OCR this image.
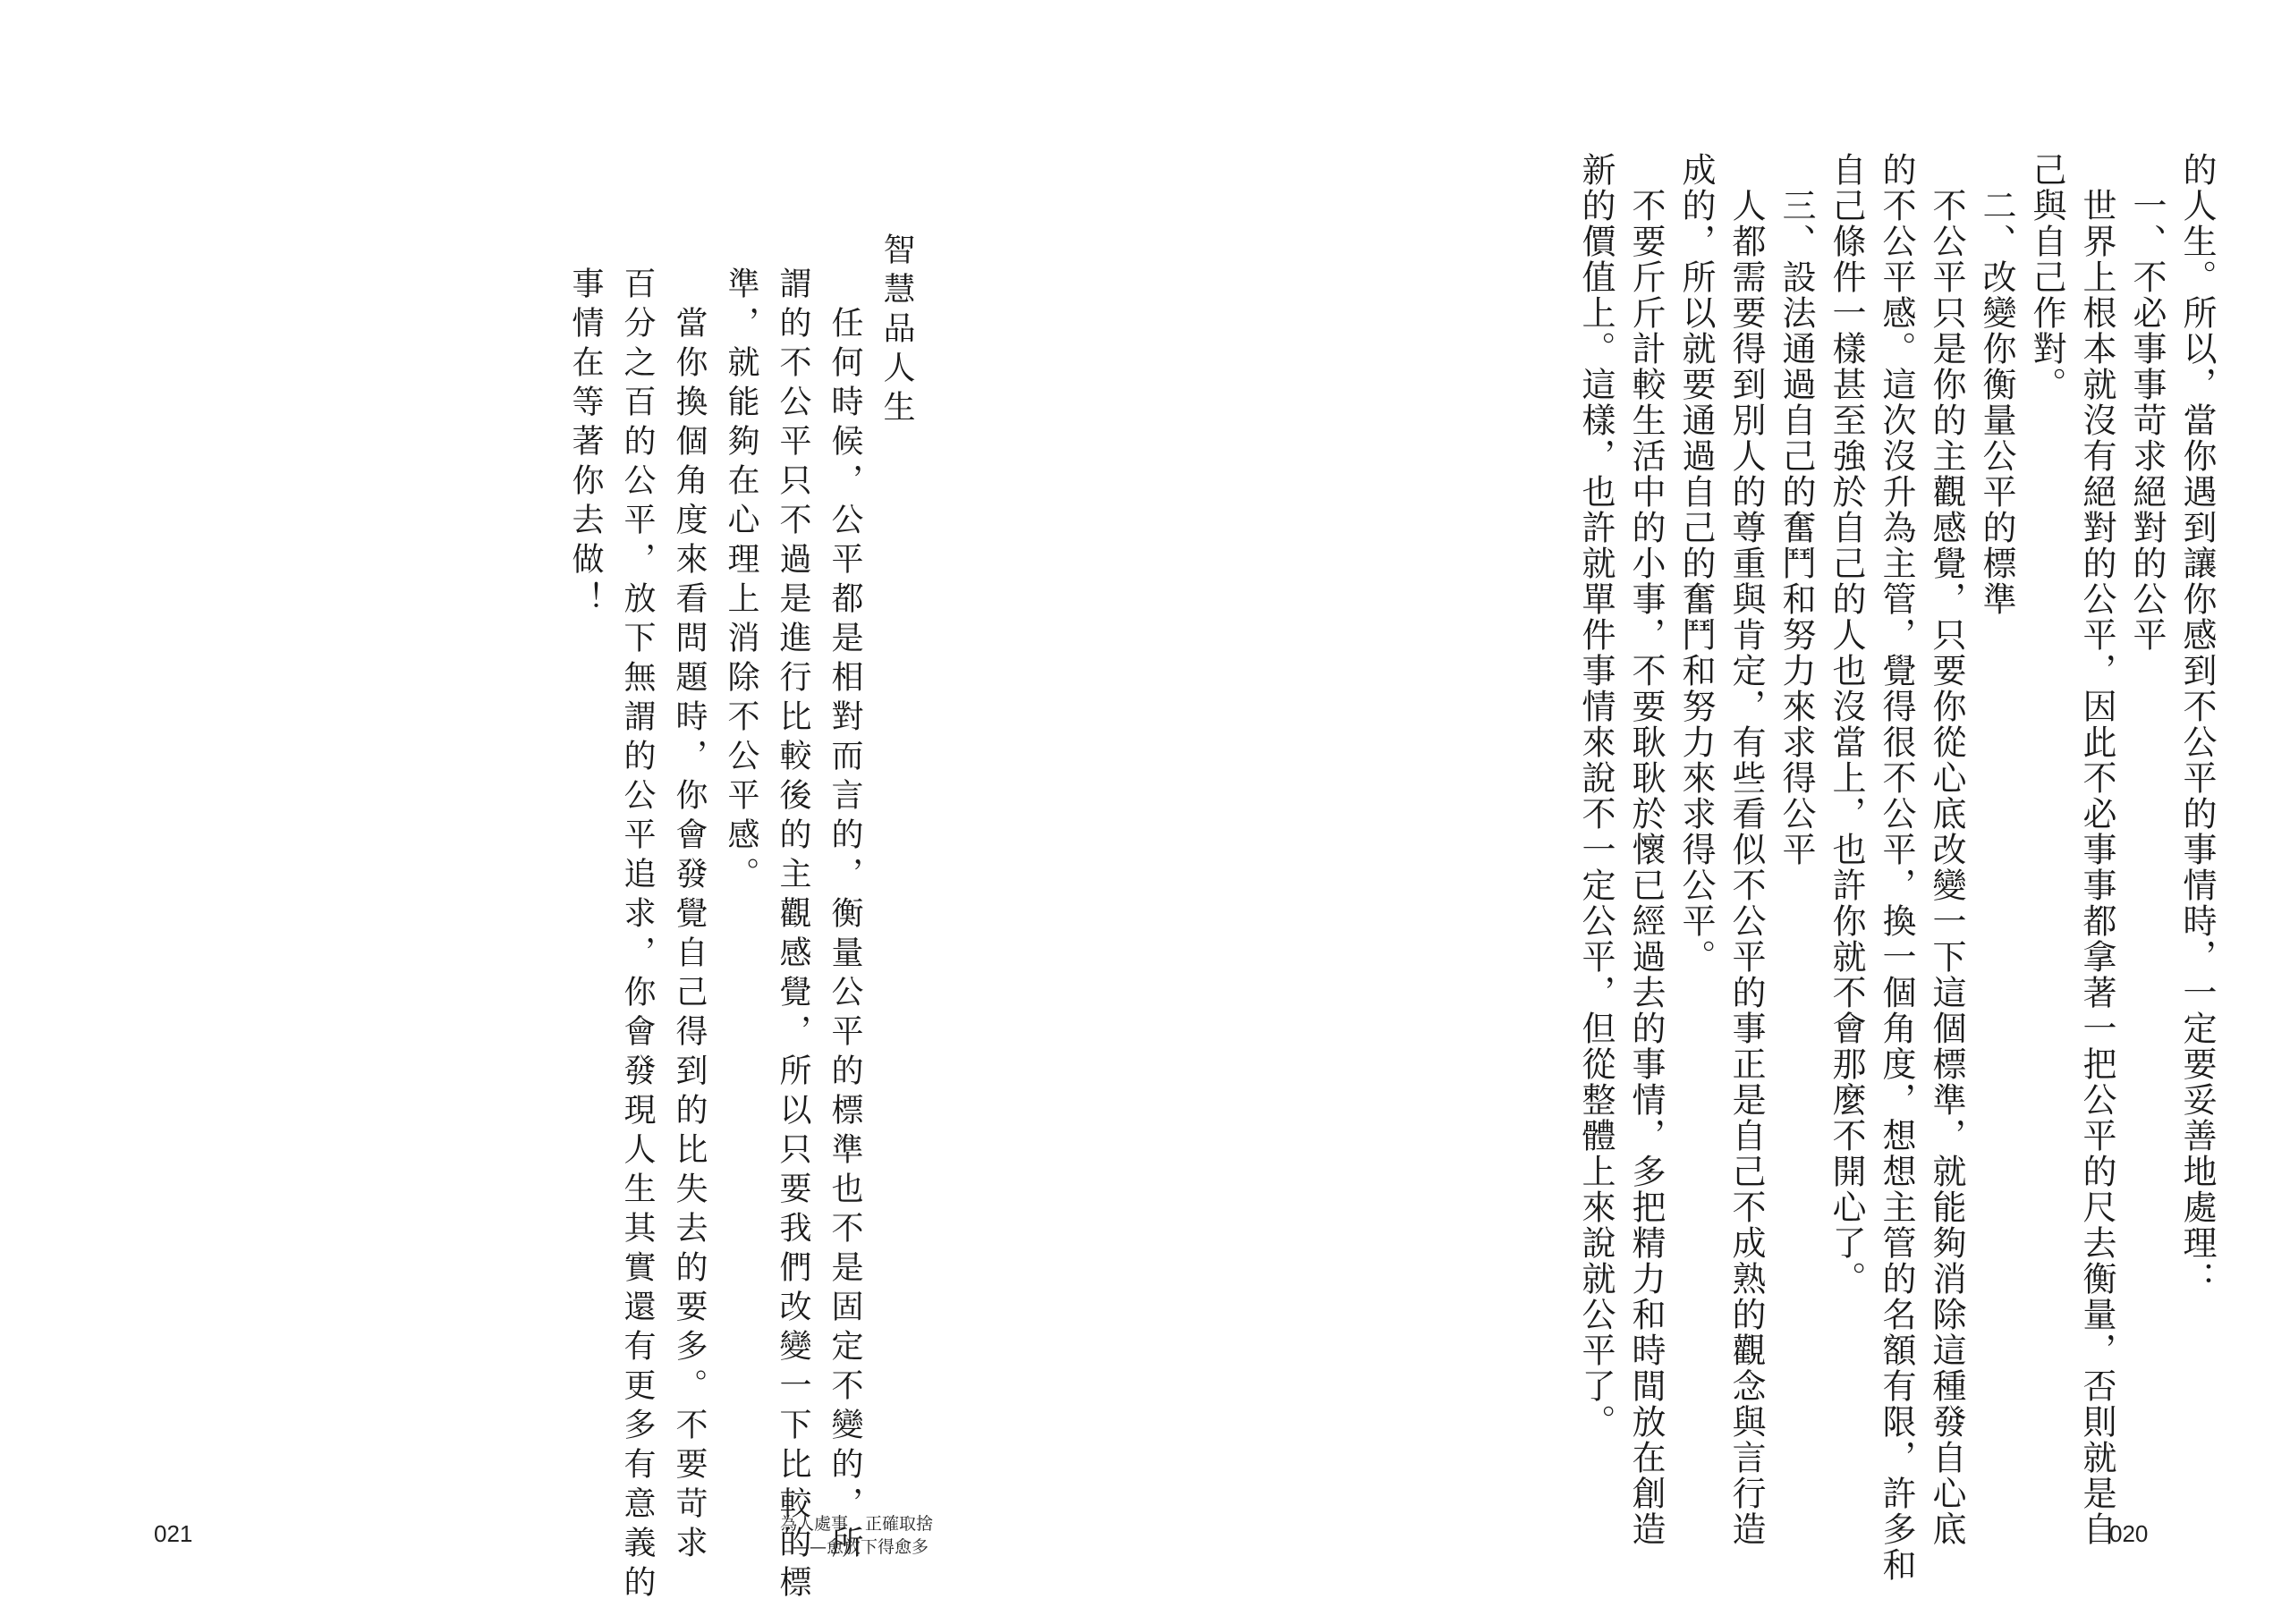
的人生。所以，當你遇到讓你感到不公平的事情時，一定要妥善地處理：
　一、不必事事苛求絕對的公平
　世界上根本就沒有絕對的公平，因此不必事事都拿著一把公平的尺去衡量，否則就是自
己與自己作對。
　二、改變你衡量公平的標準
　不公平只是你的主觀感覺，只要你從心底改變一下這個標準，就能夠消除這種發自心底
的不公平感。這次沒升為主管，覺得很不公平，換一個角度，想想主管的名額有限，許多和
自己條件一樣甚至強於自己的人也沒當上，也許你就不會那麼不開心了。
　三、設法通過自己的奮鬥和努力來求得公平
　人都需要得到別人的尊重與肯定，有些看似不公平的事正是自己不成熟的觀念與言行造
成的，所以就要通過自己的奮鬥和努力來求得公平。
　不要斤斤計較生活中的小事，不要耿耿於懷已經過去的事情，多把精力和時間放在創造
新的價值上。這樣，也許就單件事情來說不一定公平，但從整體上來說就公平了。
智慧品人生
　任何時候，公平都是相對而言的，衡量公平的標準也不是固定不變的，所
謂的不公平只不過是進行比較後的主觀感覺，所以只要我們改變一下比較的標
準，就能夠在心理上消除不公平感。
　當你換個角度來看問題時，你會發覺自己得到的比失去的要多。不要苛求
百分之百的公平，放下無謂的公平追求，你會發現人生其實還有更多有意義的
事情在等著你去做！
021	020
為人處事，正確取捨
——愈放下得愈多
